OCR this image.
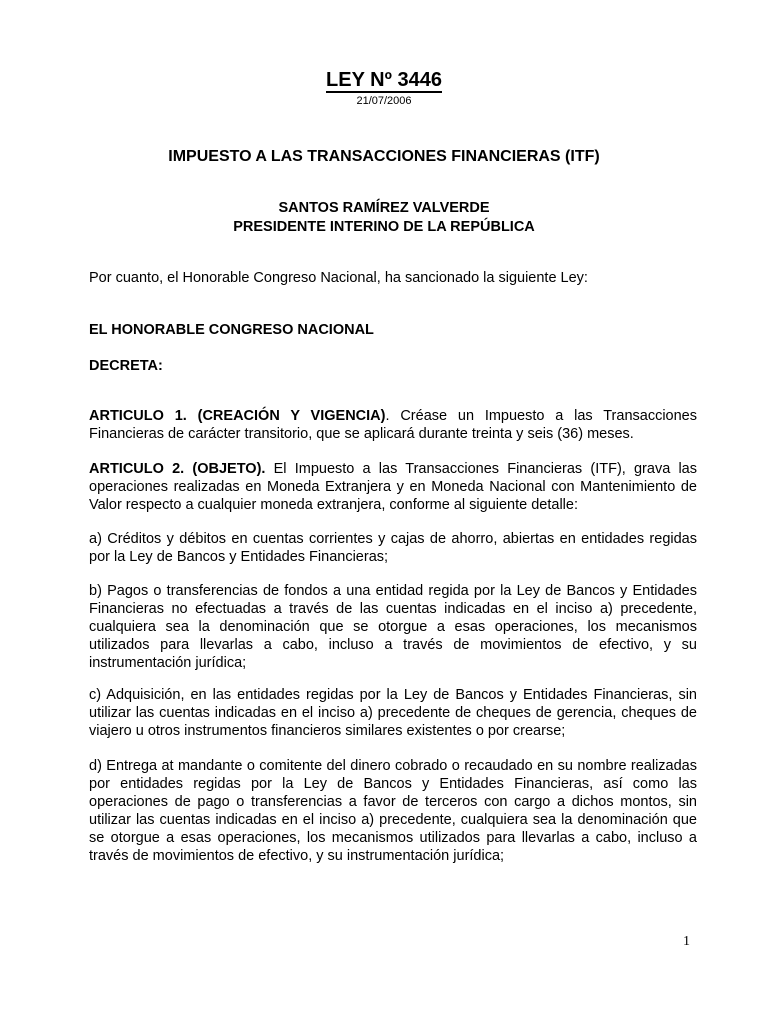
LEY Nº 3446
21/07/2006
IMPUESTO A LAS TRANSACCIONES FINANCIERAS (ITF)
SANTOS RAMÍREZ VALVERDE
PRESIDENTE INTERINO DE LA REPÚBLICA
Por cuanto, el Honorable Congreso Nacional, ha sancionado la siguiente Ley:
EL HONORABLE CONGRESO NACIONAL
DECRETA:
ARTICULO 1. (CREACIÓN Y VIGENCIA). Créase un Impuesto a las Transacciones Financieras de carácter transitorio, que se aplicará durante treinta y seis (36) meses.
ARTICULO 2. (OBJETO). El Impuesto a las Transacciones Financieras (ITF), grava las operaciones realizadas en Moneda Extranjera y en Moneda Nacional con Mantenimiento de Valor respecto a cualquier moneda extranjera, conforme al siguiente detalle:
a) Créditos y débitos en cuentas corrientes y cajas de ahorro, abiertas en entidades regidas por la Ley de Bancos y Entidades Financieras;
b) Pagos o transferencias de fondos a una entidad regida por la Ley de Bancos y Entidades Financieras no efectuadas a través de las cuentas indicadas en el inciso a) precedente, cualquiera sea la denominación que se otorgue a esas operaciones, los mecanismos utilizados para llevarlas a cabo, incluso a través de movimientos de efectivo, y su instrumentación jurídica;
c) Adquisición, en las entidades regidas por la Ley de Bancos y Entidades Financieras, sin utilizar las cuentas indicadas en el inciso a) precedente de cheques de gerencia, cheques de viajero u otros instrumentos financieros similares existentes o por crearse;
d) Entrega at mandante o comitente del dinero cobrado o recaudado en su nombre realizadas por entidades regidas por la Ley de Bancos y Entidades Financieras, así como las operaciones de pago o transferencias a favor de terceros con cargo a dichos montos, sin utilizar las cuentas indicadas en el inciso a) precedente, cualquiera sea la denominación que se otorgue a esas operaciones, los mecanismos utilizados para llevarlas a cabo, incluso a través de movimientos de efectivo, y su instrumentación jurídica;
1
